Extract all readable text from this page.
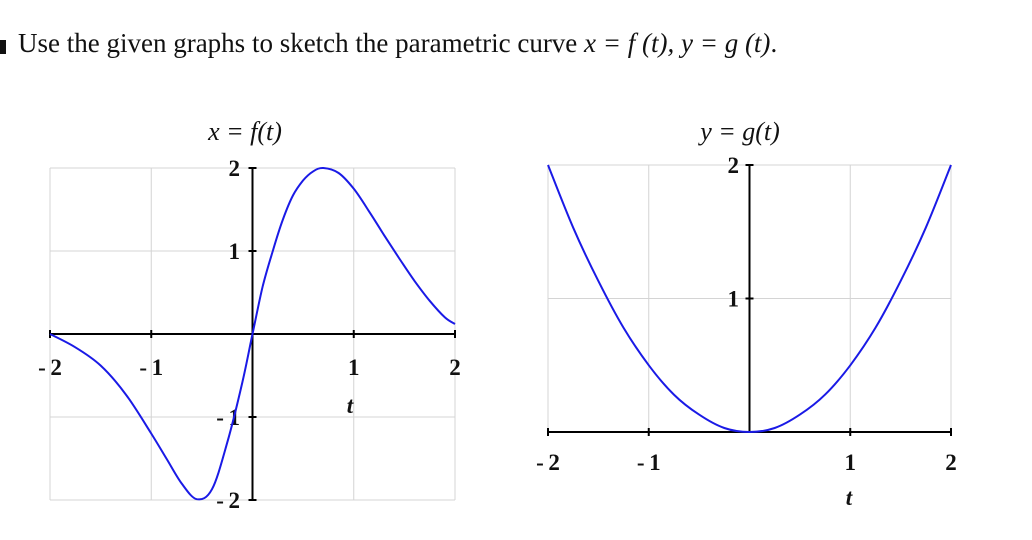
Use the given graphs to sketch the parametric curve x = f (t), y = g (t).
x = f(t)
- 2	- 1	1	2
2
1
- 1
- 2
t
y = g(t)
- 2	- 1	1	2
2
1
t
